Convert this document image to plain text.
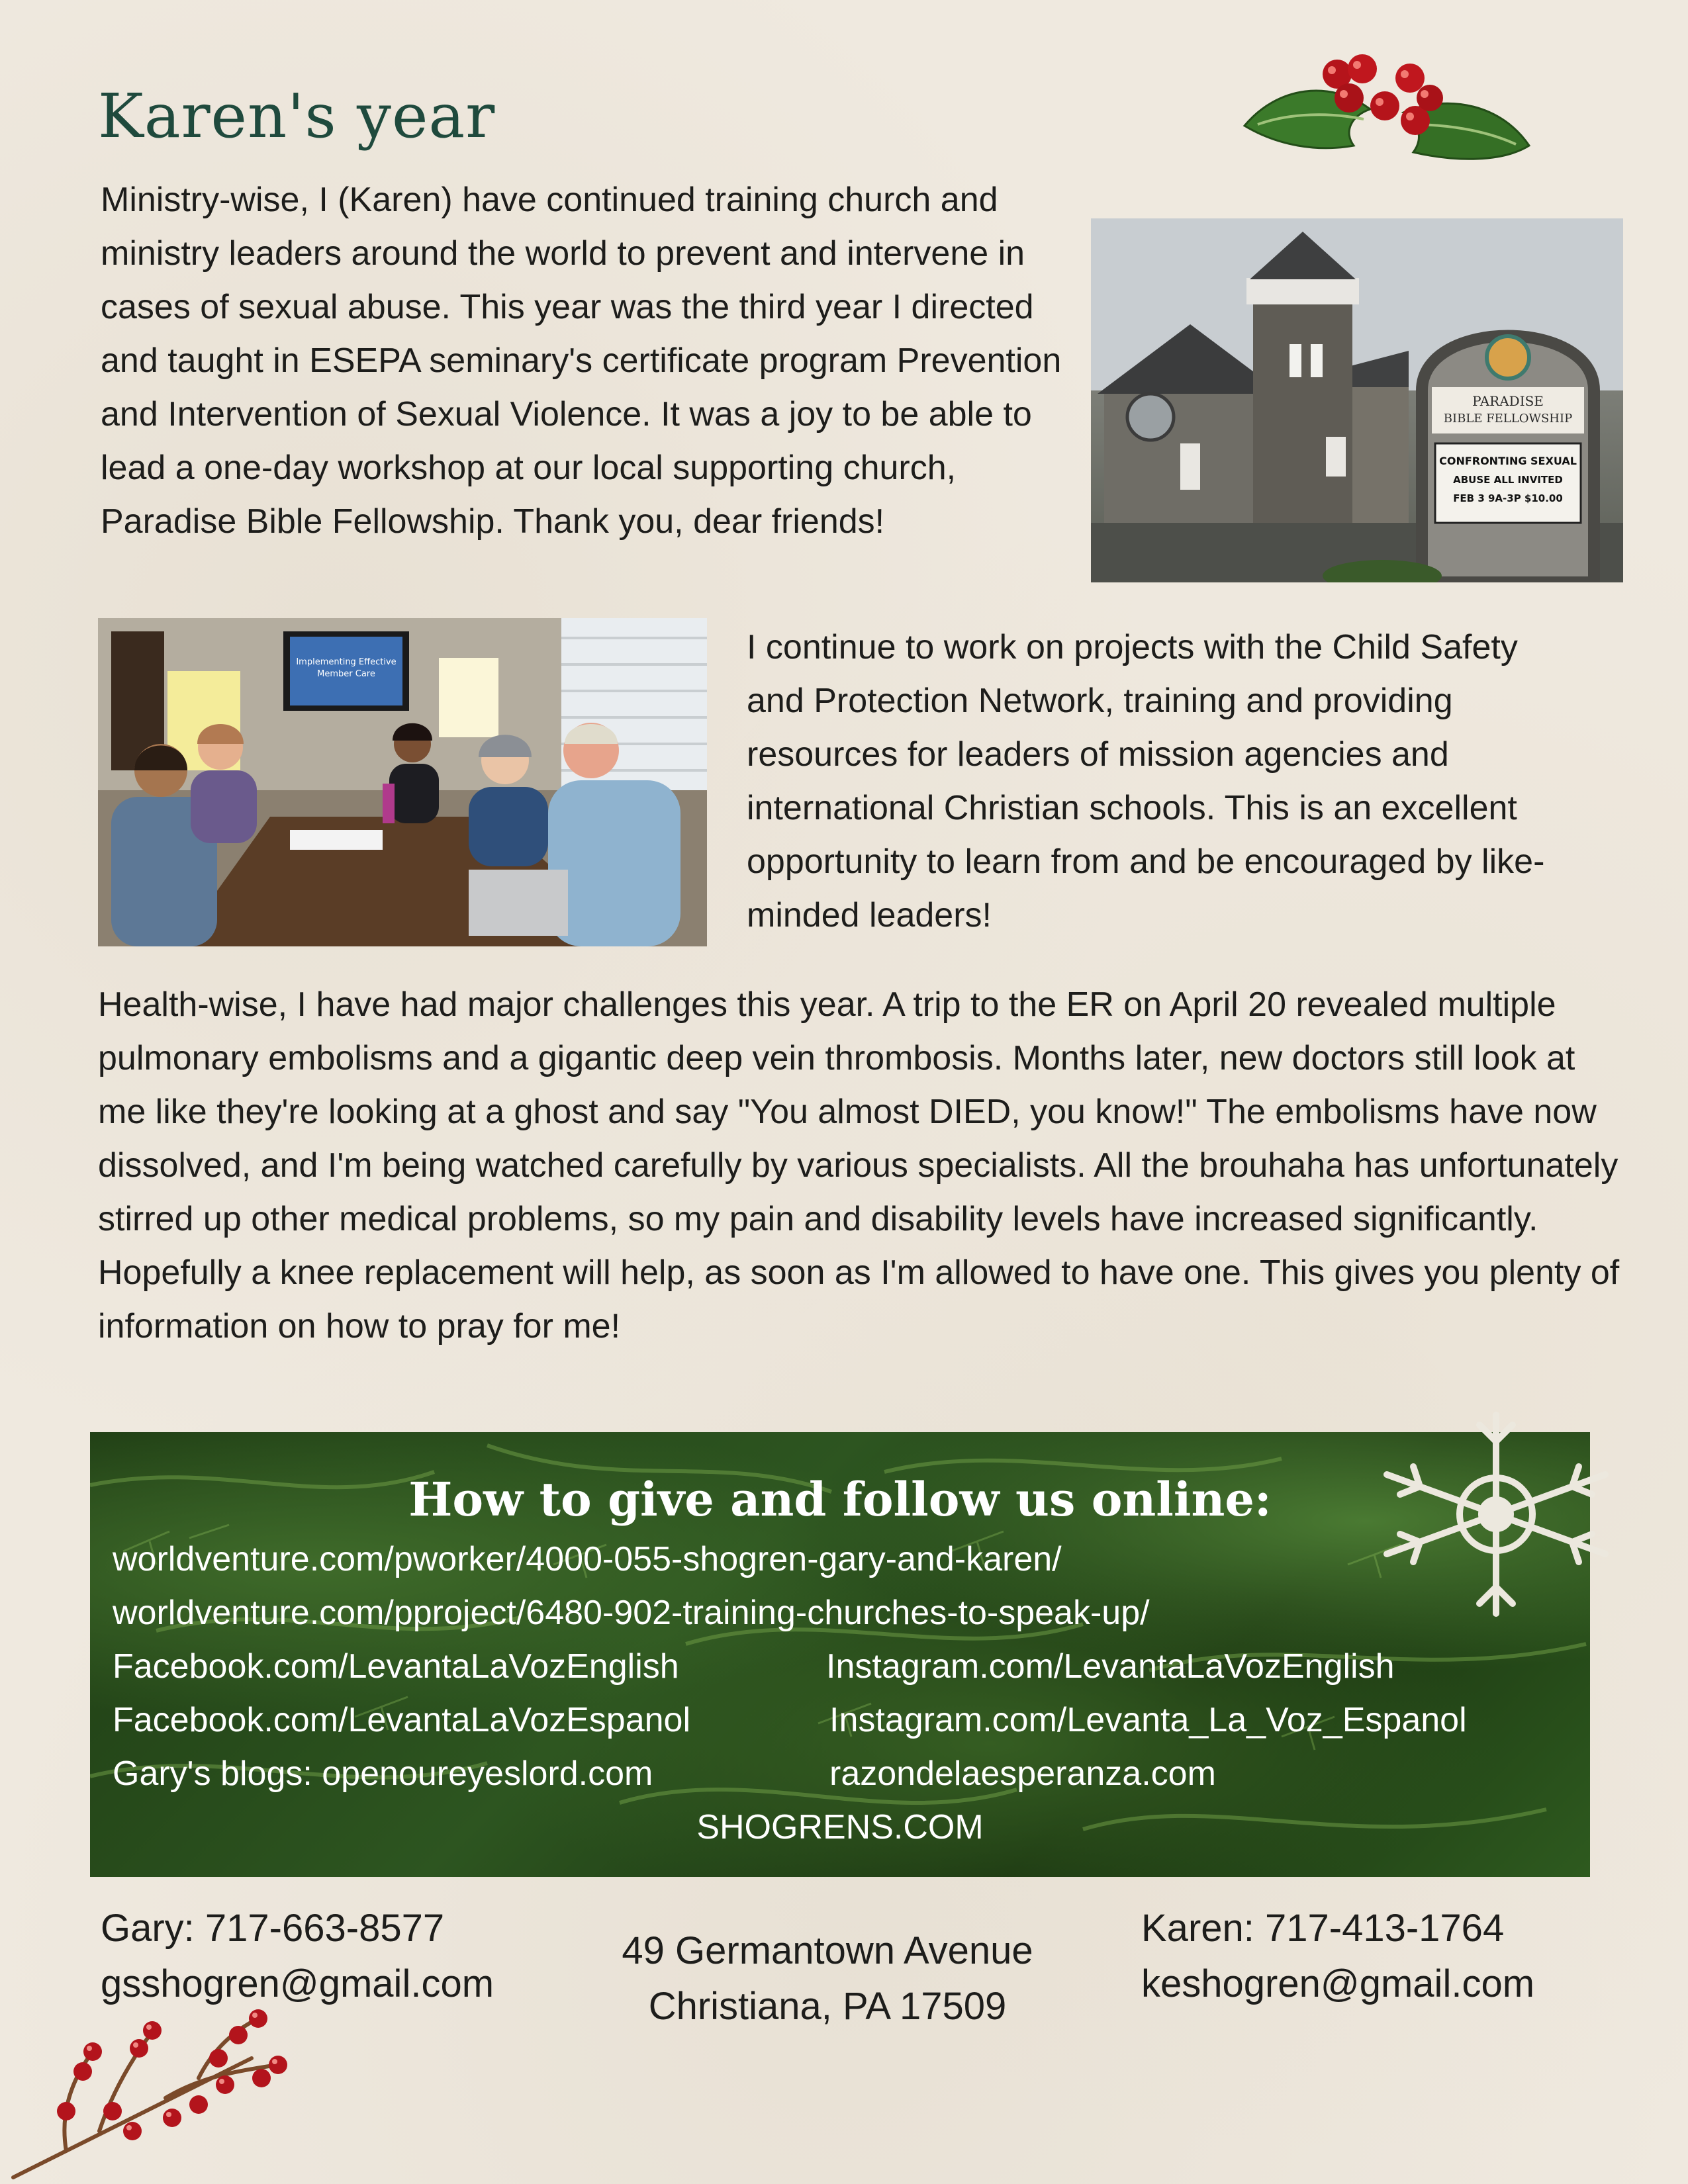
Karen's year
Ministry-wise, I (Karen) have continued training church and ministry leaders around the world to prevent and intervene in cases of sexual abuse. This year was the third year I directed and taught in ESEPA seminary's certificate program Prevention and Intervention of Sexual Violence. It was a joy to be able to lead a one-day workshop at our local supporting church, Paradise Bible Fellowship. Thank you, dear friends!
PARADISE
BIBLE FELLOWSHIP
CONFRONTING SEXUAL
ABUSE ALL INVITED
FEB 3 9A-3P $10.00
Implementing Effective
Member Care
I continue to work on projects with the Child Safety and Protection Network, training and providing resources for leaders of mission agencies and international Christian schools. This is an excellent opportunity to learn from and be encouraged by like-minded leaders!
Health-wise, I have had major challenges this year. A trip to the ER on April 20 revealed multiple pulmonary embolisms and a gigantic deep vein thrombosis. Months later, new doctors still look at me like they're looking at a ghost and say "You almost DIED, you know!" The embolisms have now dissolved, and I'm being watched carefully by various specialists. All the brouhaha has unfortunately stirred up other medical problems, so my pain and disability levels have increased significantly. Hopefully a knee replacement will help, as soon as I'm allowed to have one. This gives you plenty of information on how to pray for me!
How to give and follow us online:
worldventure.com/pworker/4000-055-shogren-gary-and-karen/
worldventure.com/pproject/6480-902-training-churches-to-speak-up/
Facebook.com/LevantaLaVozEnglish	Instagram.com/LevantaLaVozEnglish
Facebook.com/LevantaLaVozEspanol	Instagram.com/Levanta_La_Voz_Espanol
Gary's blogs: openoureyeslord.com	razondelaesperanza.com
SHOGRENS.COM
Gary: 717-663-8577
gsshogren@gmail.com
49 Germantown Avenue
Christiana, PA 17509
Karen: 717-413-1764
keshogren@gmail.com
